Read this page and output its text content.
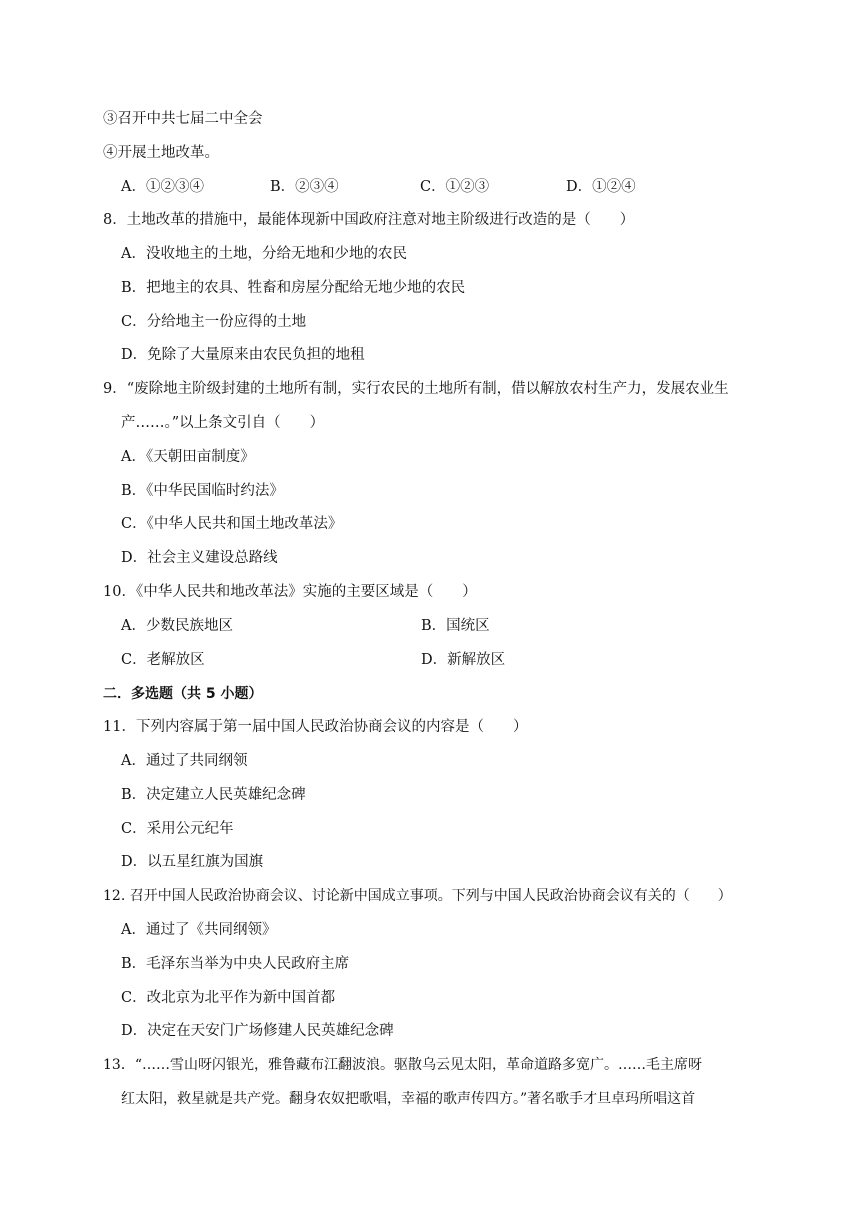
③召开中共七届二中全会
④开展土地改革。
A．①②③④	B．②③④	C．①②③	D．①②④
8．土地改革的措施中，最能体现新中国政府注意对地主阶级进行改造的是（　　）
A．没收地主的土地，分给无地和少地的农民
B．把地主的农具、牲畜和房屋分配给无地少地的农民
C．分给地主一份应得的土地
D．免除了大量原来由农民负担的地租
9．“废除地主阶级封建的土地所有制，实行农民的土地所有制，借以解放农村生产力，发展农业生
产……。”以上条文引自（　　）
A．《天朝田亩制度》
B．《中华民国临时约法》
C．《中华人民共和国土地改革法》
D．社会主义建设总路线
10．《中华人民共和地改革法》实施的主要区域是（　　）
A．少数民族地区	B．国统区
C．老解放区	D．新解放区
二．多选题（共 5 小题）
11．下列内容属于第一届中国人民政治协商会议的内容是（　　）
A．通过了共同纲领
B．决定建立人民英雄纪念碑
C．采用公元纪年
D．以五星红旗为国旗
12. 召开中国人民政治协商会议、讨论新中国成立事项。下列与中国人民政治协商会议有关的（　　）
A．通过了《共同纲领》
B．毛泽东当举为中央人民政府主席
C．改北京为北平作为新中国首都
D．决定在天安门广场修建人民英雄纪念碑
13．“……雪山呀闪银光，雅鲁藏布江翻波浪。驱散乌云见太阳，革命道路多宽广。……毛主席呀
红太阳，救星就是共产党。翻身农奴把歌唱，幸福的歌声传四方。”著名歌手才旦卓玛所唱这首
